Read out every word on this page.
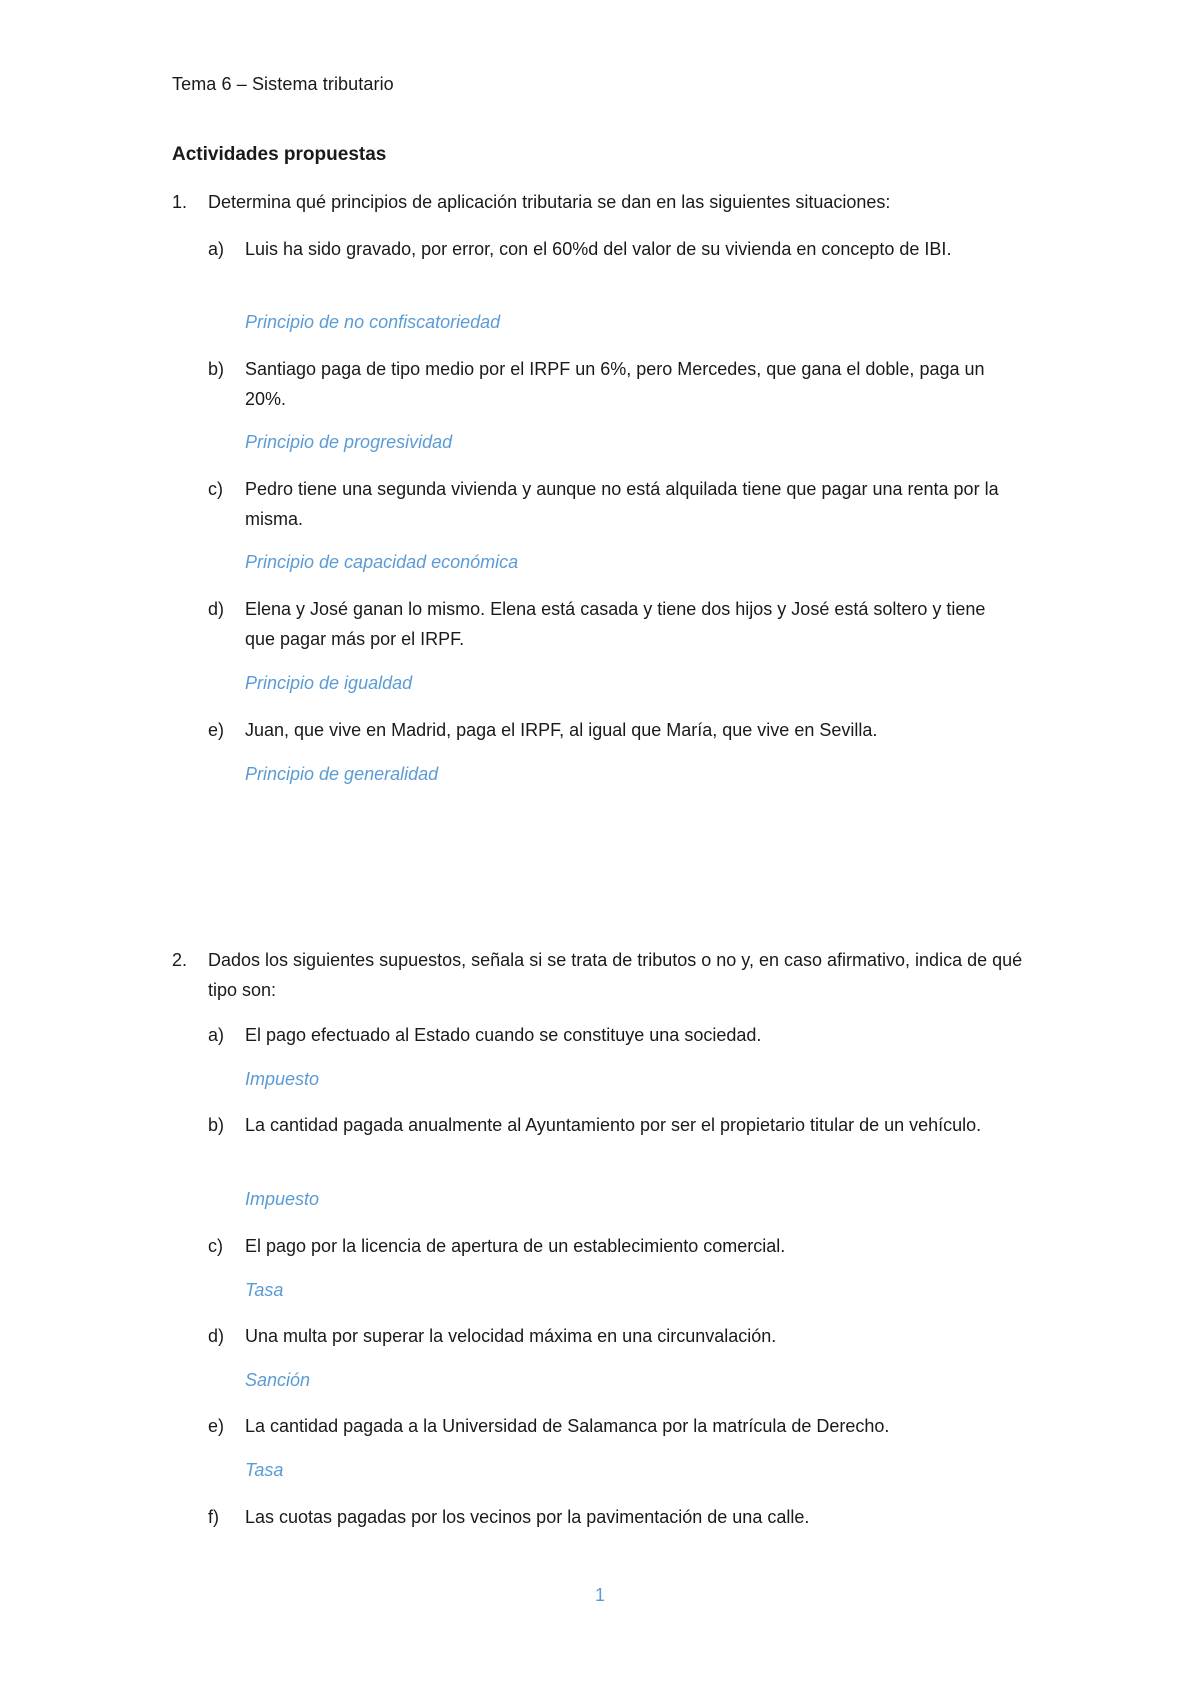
Tema 6 – Sistema tributario
Actividades propuestas
1.	Determina qué principios de aplicación tributaria se dan en las siguientes situaciones:
a)	Luis ha sido gravado, por error, con el 60%d del valor de su vivienda en concepto de IBI.
Principio de no confiscatoriedad
b)	Santiago paga de tipo medio por el IRPF un 6%, pero Mercedes, que gana el doble, paga un 20%.
Principio de progresividad
c)	Pedro tiene una segunda vivienda y aunque no está alquilada tiene que pagar una renta por la misma.
Principio de capacidad económica
d)	Elena y José ganan lo mismo. Elena está casada y tiene dos hijos y José está soltero y tiene que pagar más por el IRPF.
Principio de igualdad
e)	Juan, que vive en Madrid, paga el IRPF, al igual que María, que vive en Sevilla.
Principio de generalidad
2.	Dados los siguientes supuestos, señala si se trata de tributos o no y, en caso afirmativo, indica de qué tipo son:
a)	El pago efectuado al Estado cuando se constituye una sociedad.
Impuesto
b)	La cantidad pagada anualmente al Ayuntamiento por ser el propietario titular de un vehículo.
Impuesto
c)	El pago por la licencia de apertura de un establecimiento comercial.
Tasa
d)	Una multa por superar la velocidad máxima en una circunvalación.
Sanción
e)	La cantidad pagada a la Universidad de Salamanca por la matrícula de Derecho.
Tasa
f)	Las cuotas pagadas por los vecinos por la pavimentación de una calle.
1
